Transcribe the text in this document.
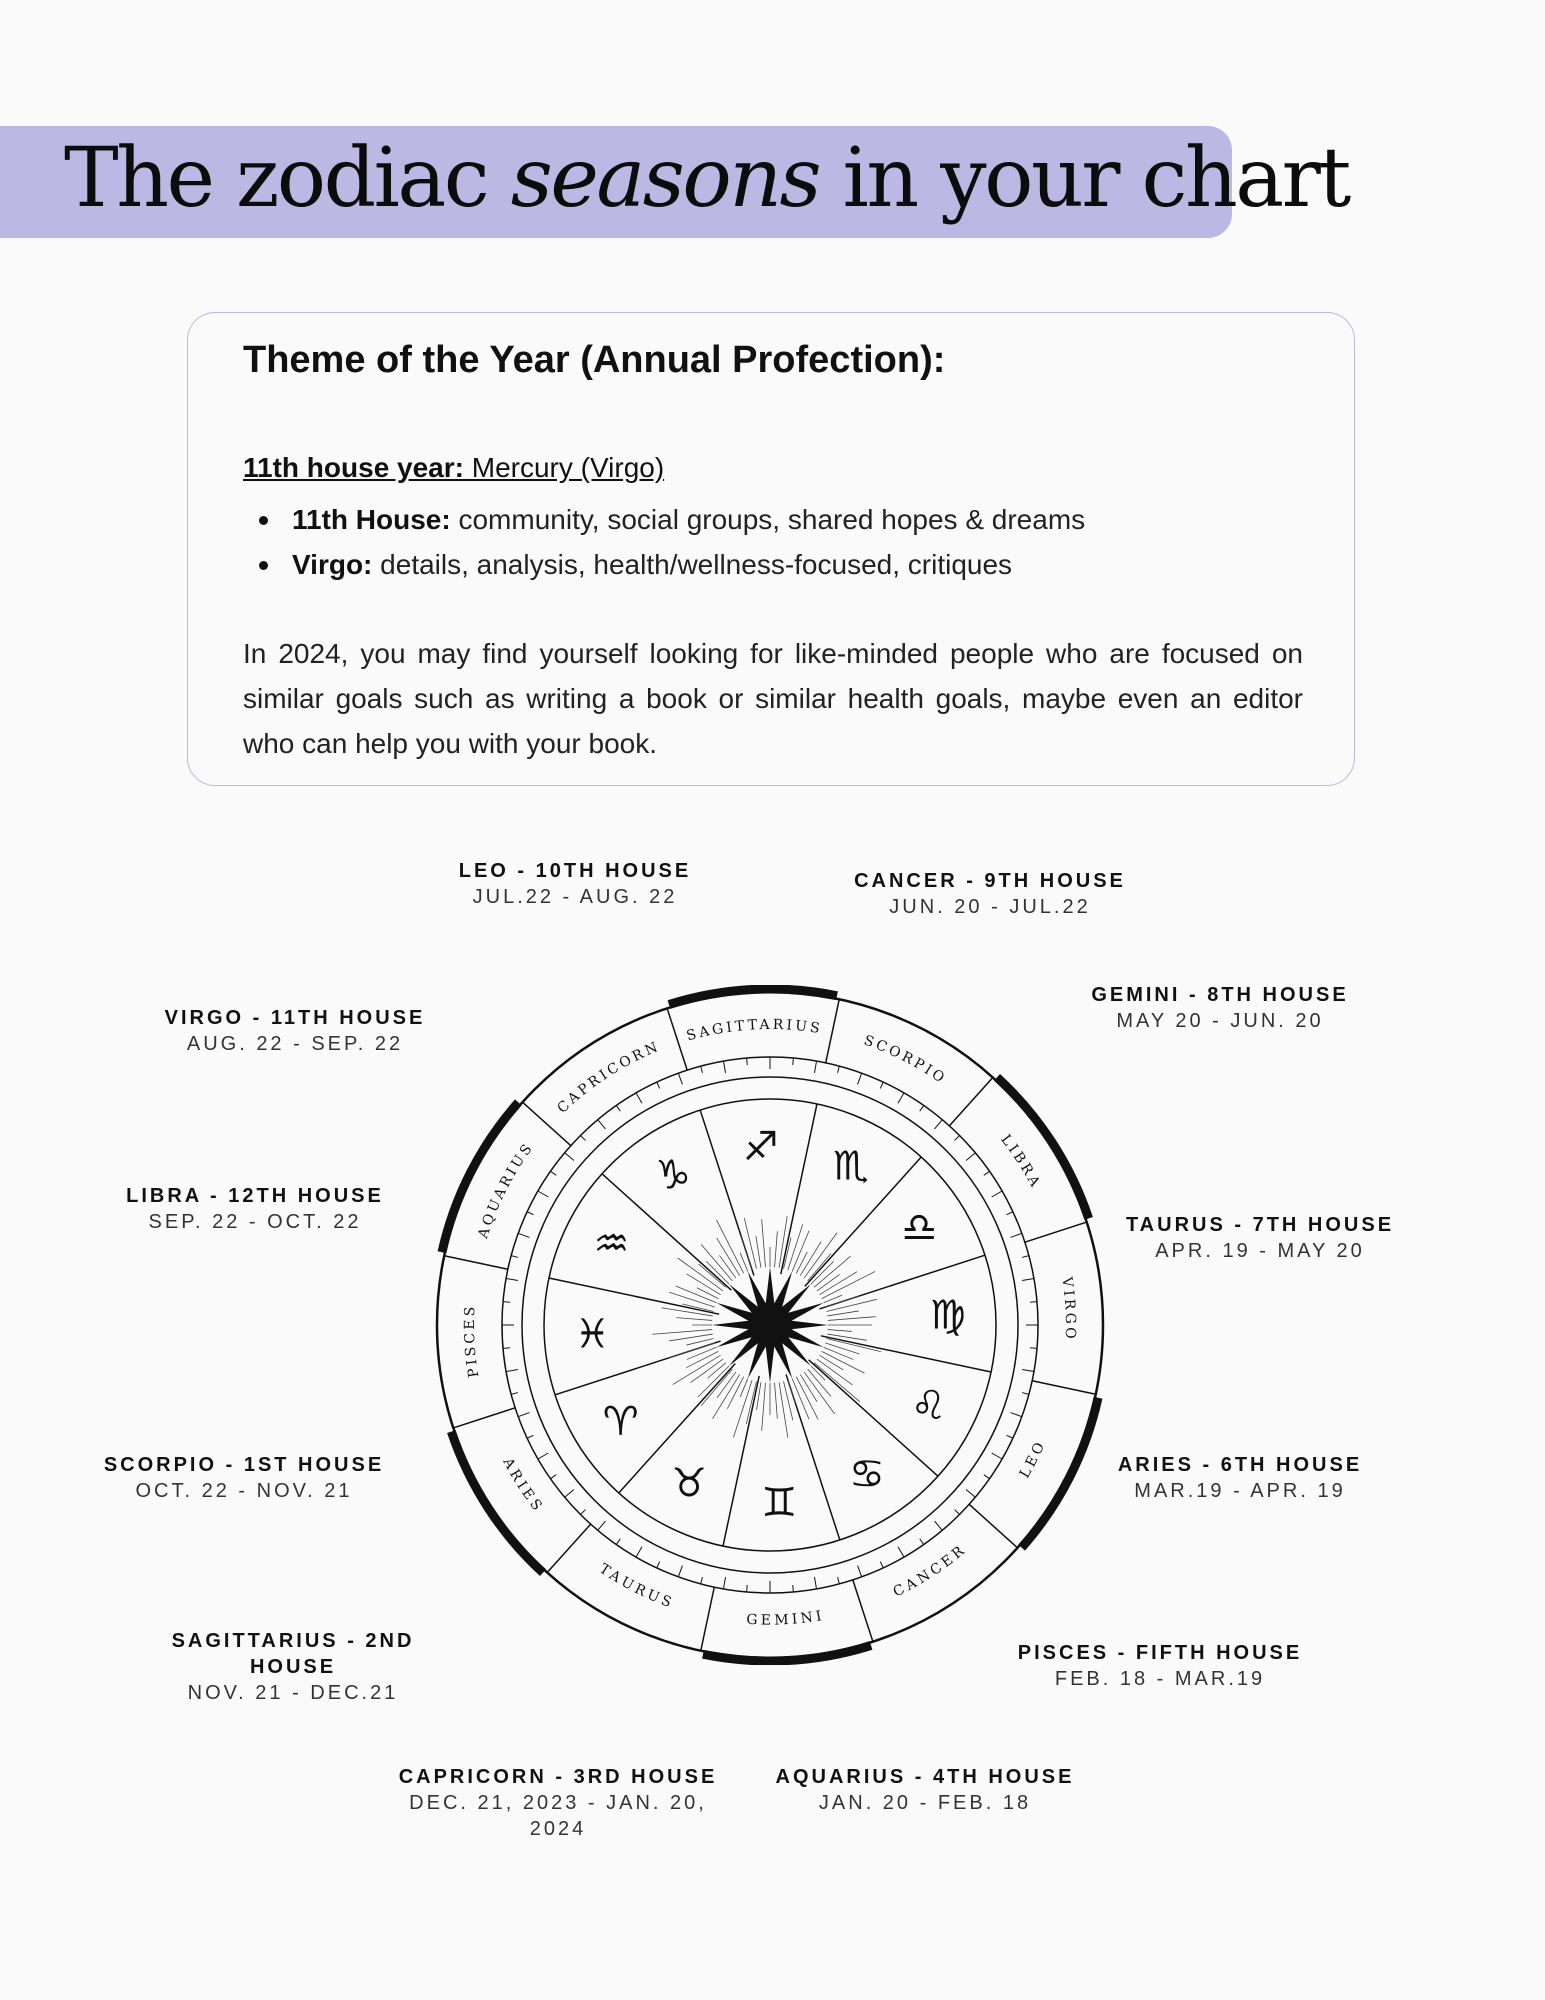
The zodiac seasons in your chart
Theme of the Year (Annual Profection):
11th house year: Mercury (Virgo)
11th House: community, social groups, shared hopes & dreams
Virgo: details, analysis, health/wellness-focused, critiques

In 2024, you may find yourself looking for like-minded people who are focused on similar goals such as writing a book or similar health goals, maybe even an editor who can help you with your book.

LEO
♌
CANCER
♋
GEMINI
♊
TAURUS
♉
ARIES
♈
PISCES
♓
AQUARIUS
♒
CAPRICORN
♑
SAGITTARIUS
♐
SCORPIO
♏
LIBRA
♎
VIRGO
♍
LEO - 10TH HOUSE
JUL.22 - AUG. 22
CANCER - 9TH HOUSE
JUN. 20 - JUL.22
GEMINI - 8TH HOUSE
MAY 20 - JUN. 20
TAURUS - 7TH HOUSE
APR. 19 - MAY 20
ARIES - 6TH HOUSE
MAR.19 - APR. 19
PISCES - FIFTH HOUSE
FEB. 18 - MAR.19
AQUARIUS - 4TH HOUSE
JAN. 20 - FEB. 18
CAPRICORN - 3RD HOUSE
DEC. 21, 2023 - JAN. 20, 2024
SAGITTARIUS - 2ND HOUSE
NOV. 21 - DEC.21
SCORPIO - 1ST HOUSE
OCT. 22 - NOV. 21
LIBRA - 12TH HOUSE
SEP. 22 - OCT. 22
VIRGO - 11TH HOUSE
AUG. 22 - SEP. 22
